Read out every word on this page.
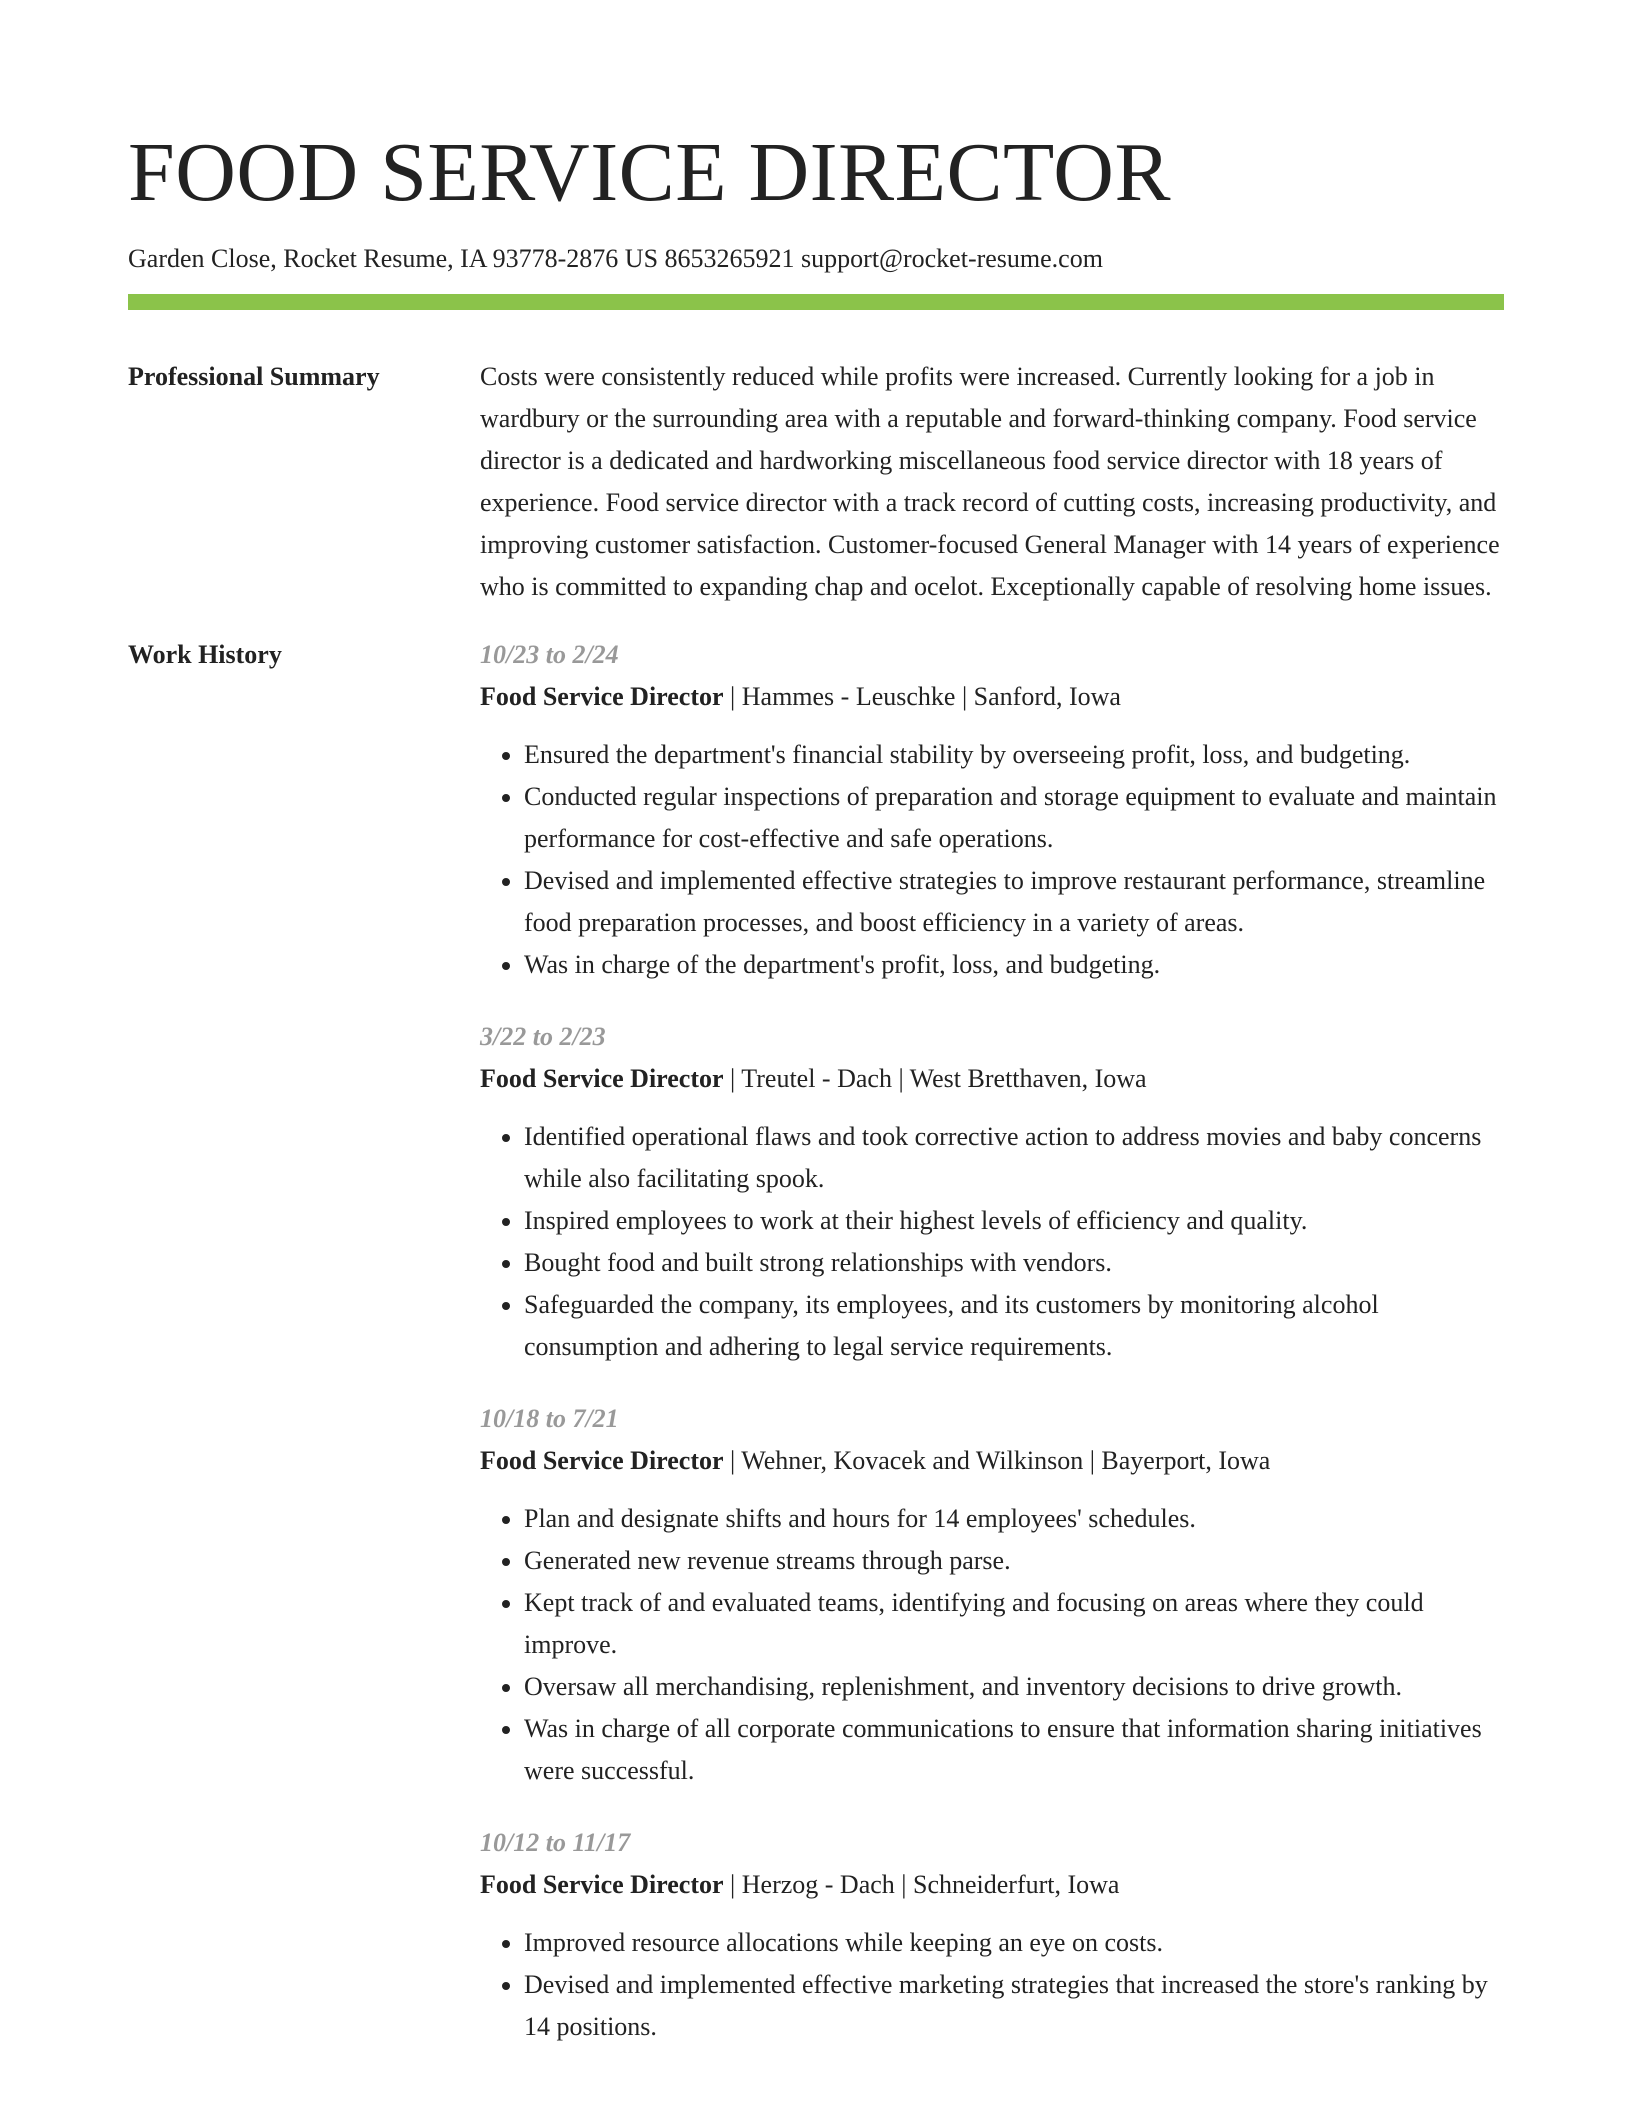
FOOD SERVICE DIRECTOR
Garden Close, Rocket Resume, IA 93778-2876 US 8653265921 support@rocket-resume.com
Professional Summary	Costs were consistently reduced while profits were increased. Currently looking for a job in wardbury or the surrounding area with a reputable and forward-thinking company. Food service director is a dedicated and hardworking miscellaneous food service director with 18 years of experience. Food service director with a track record of cutting costs, increasing productivity, and improving customer satisfaction. Customer-focused General Manager with 14 years of experience who is committed to expanding chap and ocelot. Exceptionally capable of resolving home issues.

Work History	10/23 to 2/24
Food Service Director | Hammes - Leuschke | Sanford, Iowa
• Ensured the department's financial stability by overseeing profit, loss, and budgeting.
• Conducted regular inspections of preparation and storage equipment to evaluate and maintain performance for cost-effective and safe operations.
• Devised and implemented effective strategies to improve restaurant performance, streamline food preparation processes, and boost efficiency in a variety of areas.
• Was in charge of the department's profit, loss, and budgeting.
3/22 to 2/23
Food Service Director | Treutel - Dach | West Bretthaven, Iowa
• Identified operational flaws and took corrective action to address movies and baby concerns while also facilitating spook.
• Inspired employees to work at their highest levels of efficiency and quality.
• Bought food and built strong relationships with vendors.
• Safeguarded the company, its employees, and its customers by monitoring alcohol consumption and adhering to legal service requirements.
10/18 to 7/21
Food Service Director | Wehner, Kovacek and Wilkinson | Bayerport, Iowa
• Plan and designate shifts and hours for 14 employees' schedules.
• Generated new revenue streams through parse.
• Kept track of and evaluated teams, identifying and focusing on areas where they could improve.
• Oversaw all merchandising, replenishment, and inventory decisions to drive growth.
• Was in charge of all corporate communications to ensure that information sharing initiatives were successful.
10/12 to 11/17
Food Service Director | Herzog - Dach | Schneiderfurt, Iowa
• Improved resource allocations while keeping an eye on costs.
• Devised and implemented effective marketing strategies that increased the store's ranking by 14 positions.
